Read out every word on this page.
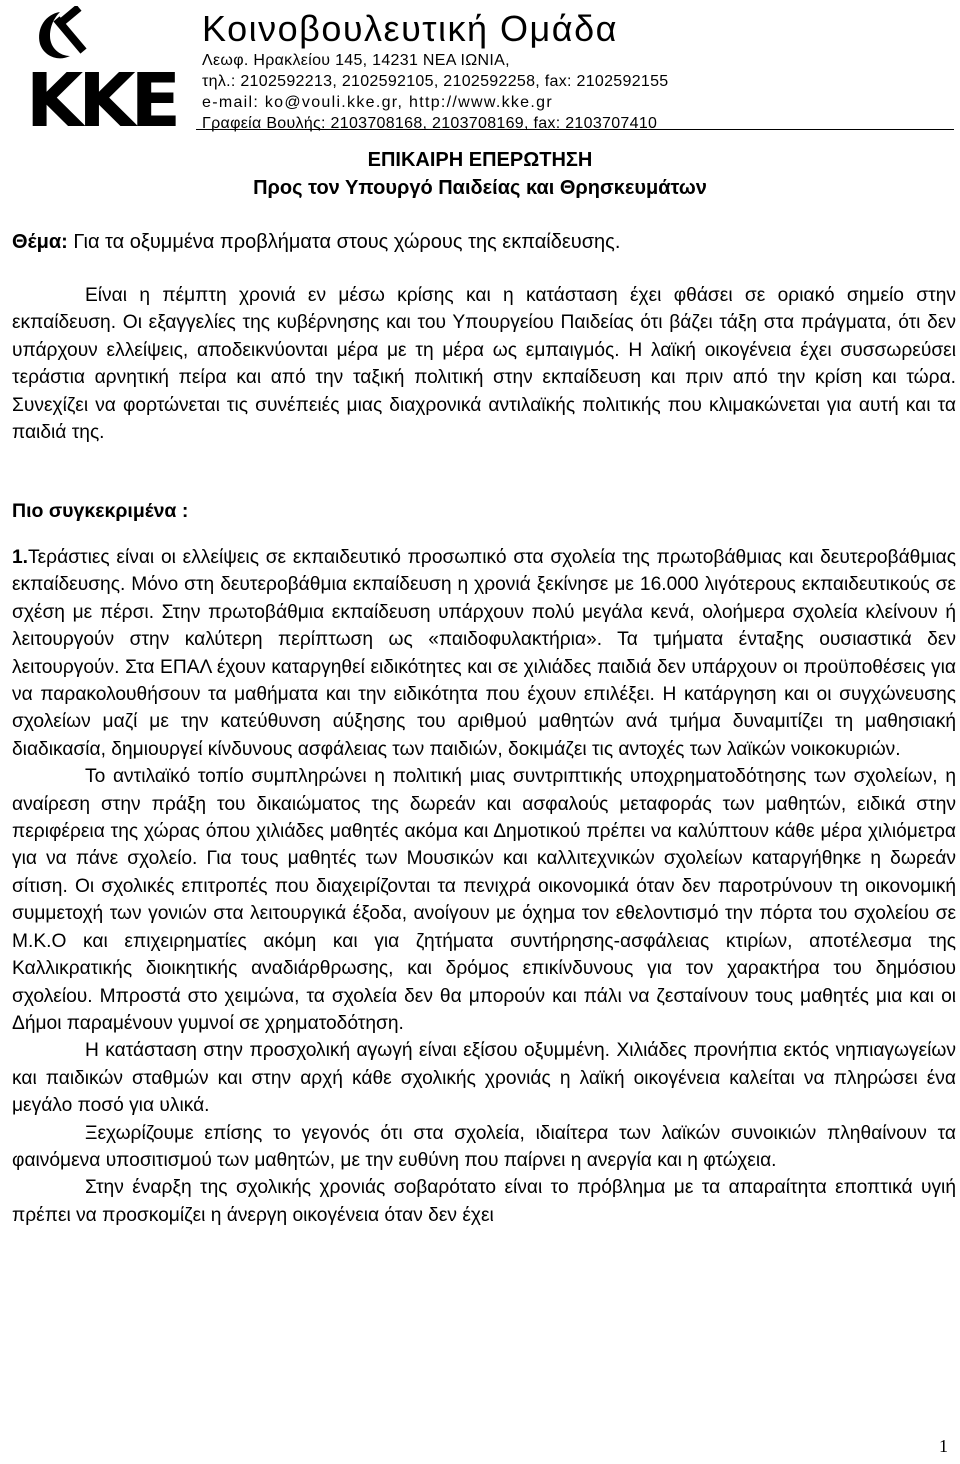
ΚΚΕ
Κοινοβουλευτική Ομάδα
Λεωφ. Ηρακλείου 145, 14231 ΝΕΑ ΙΩΝΙΑ,
τηλ.: 2102592213, 2102592105, 2102592258, fax: 2102592155
e-mail: ko@vouli.kke.gr, http://www.kke.gr
Γραφεία Βουλής: 2103708168, 2103708169, fax: 2103707410
ΕΠΙΚΑΙΡΗ ΕΠΕΡΩΤΗΣΗ
Προς τον Υπουργό Παιδείας και Θρησκευμάτων
Θέμα: Για τα οξυμμένα προβλήματα στους χώρους της εκπαίδευσης.

Είναι η πέμπτη χρονιά εν μέσω κρίσης και η κατάσταση έχει φθάσει σε οριακό σημείο στην εκπαίδευση. Οι εξαγγελίες της κυβέρνησης και του Υπουργείου Παιδείας ότι βάζει τάξη στα πράγματα, ότι δεν υπάρχουν ελλείψεις, αποδεικνύονται μέρα με τη μέρα ως εμπαιγμός. Η λαϊκή οικογένεια έχει συσσωρεύσει τεράστια αρνητική πείρα και από την ταξική πολιτική στην εκπαίδευση και πριν από την κρίση και τώρα. Συνεχίζει να φορτώνεται τις συνέπειές μιας διαχρονικά αντιλαϊκής πολιτικής που κλιμακώνεται για αυτή και τα παιδιά της.

Πιο συγκεκριμένα :

1.Τεράστιες είναι οι ελλείψεις σε εκπαιδευτικό προσωπικό στα σχολεία της πρωτοβάθμιας και δευτεροβάθμιας εκπαίδευσης. Μόνο στη δευτεροβάθμια εκπαίδευση η χρονιά ξεκίνησε με 16.000 λιγότερους εκπαιδευτικούς σε σχέση με πέρσι. Στην πρωτοβάθμια εκπαίδευση υπάρχουν πολύ μεγάλα κενά, ολοήμερα σχολεία κλείνουν ή λειτουργούν στην καλύτερη περίπτωση ως «παιδοφυλακτήρια». Τα τμήματα ένταξης ουσιαστικά δεν λειτουργούν. Στα ΕΠΑΛ έχουν καταργηθεί ειδικότητες και σε χιλιάδες παιδιά δεν υπάρχουν οι προϋποθέσεις για να παρακολουθήσουν τα μαθήματα και την ειδικότητα που έχουν επιλέξει. Η κατάργηση και οι συγχώνευσης σχολείων μαζί με την κατεύθυνση αύξησης του αριθμού μαθητών ανά τμήμα δυναμιτίζει τη μαθησιακή διαδικασία, δημιουργεί κίνδυνους ασφάλειας των παιδιών, δοκιμάζει τις αντοχές των λαϊκών νοικοκυριών.

Το αντιλαϊκό τοπίο συμπληρώνει η πολιτική μιας συντριπτικής υποχρηματοδότησης των σχολείων, η αναίρεση στην πράξη του δικαιώματος της δωρεάν και ασφαλούς μεταφοράς των μαθητών, ειδικά στην περιφέρεια της χώρας όπου χιλιάδες μαθητές ακόμα και Δημοτικού πρέπει να καλύπτουν κάθε μέρα χιλιόμετρα για να πάνε σχολείο. Για τους μαθητές των Μουσικών και καλλιτεχνικών σχολείων καταργήθηκε η δωρεάν σίτιση. Οι σχολικές επιτροπές που διαχειρίζονται τα πενιχρά οικονομικά όταν δεν παροτρύνουν τη οικονομική συμμετοχή των γονιών στα λειτουργικά έξοδα, ανοίγουν με όχημα τον εθελοντισμό την πόρτα του σχολείου σε Μ.Κ.Ο και επιχειρηματίες ακόμη και για ζητήματα συντήρησης-ασφάλειας κτιρίων, αποτέλεσμα της Καλλικρατικής διοικητικής αναδιάρθρωσης, και δρόμος επικίνδυνους για τον χαρακτήρα του δημόσιου σχολείου. Μπροστά στο χειμώνα, τα σχολεία δεν θα μπορούν και πάλι να ζεσταίνουν τους μαθητές μια και οι Δήμοι παραμένουν γυμνοί σε χρηματοδότηση.

Η κατάσταση στην προσχολική αγωγή είναι εξίσου οξυμμένη. Χιλιάδες προνήπια εκτός νηπιαγωγείων και παιδικών σταθμών και στην αρχή κάθε σχολικής χρονιάς η λαϊκή οικογένεια καλείται να πληρώσει ένα μεγάλο ποσό για υλικά.

Ξεχωρίζουμε επίσης το γεγονός ότι στα σχολεία, ιδιαίτερα των λαϊκών συνοικιών πληθαίνουν τα φαινόμενα υποσιτισμού των μαθητών, με την ευθύνη που παίρνει η ανεργία και η φτώχεια.

Στην έναρξη της σχολικής χρονιάς σοβαρότατο είναι το πρόβλημα με τα απαραίτητα εποπτικά υγιή πρέπει να προσκομίζει η άνεργη οικογένεια όταν δεν έχει

1
